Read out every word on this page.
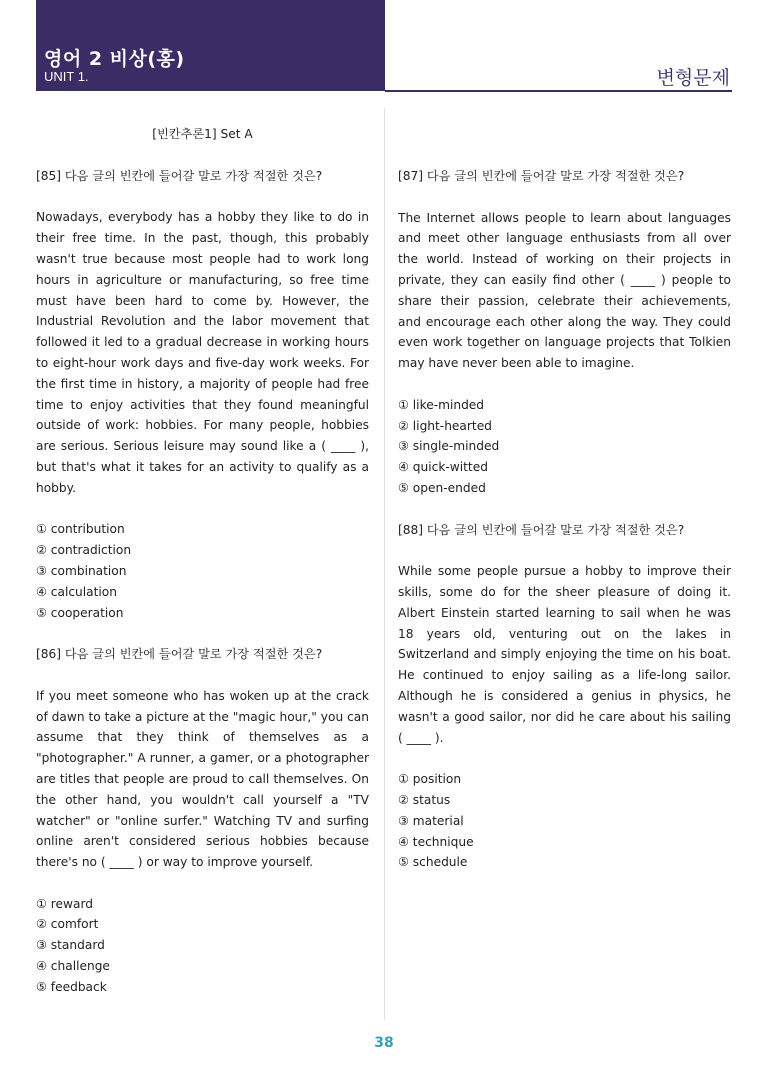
영어 2 비상(홍)
UNIT 1.	변형문제
[빈칸추론1] Set A

[85] 다음 글의 빈칸에 들어갈 말로 가장 적절한 것은?

Nowadays, everybody has a hobby they like to do in their free time. In the past, though, this probably wasn't true because most people had to work long hours in agriculture or manufacturing, so free time must have been hard to come by. However, the Industrial Revolution and the labor movement that followed it led to a gradual decrease in working hours to eight-hour work days and five-day work weeks. For the first time in history, a majority of people had free time to enjoy activities that they found meaningful outside of work: hobbies. For many people, hobbies are serious. Serious leisure may sound like a ( ____ ), but that's what it takes for an activity to qualify as a hobby.

① contribution
② contradiction
③ combination
④ calculation
⑤ cooperation

[86] 다음 글의 빈칸에 들어갈 말로 가장 적절한 것은?

If you meet someone who has woken up at the crack of dawn to take a picture at the "magic hour," you can assume that they think of themselves as a "photographer." A runner, a gamer, or a photographer are titles that people are proud to call themselves. On the other hand, you wouldn't call yourself a "TV watcher" or "online surfer." Watching TV and surfing online aren't considered serious hobbies because there's no ( ____ ) or way to improve yourself.

① reward
② comfort
③ standard
④ challenge
⑤ feedback

[87] 다음 글의 빈칸에 들어갈 말로 가장 적절한 것은?

The Internet allows people to learn about languages and meet other language enthusiasts from all over the world. Instead of working on their projects in private, they can easily find other ( ____ ) people to share their passion, celebrate their achievements, and encourage each other along the way. They could even work together on language projects that Tolkien may have never been able to imagine.

① like-minded
② light-hearted
③ single-minded
④ quick-witted
⑤ open-ended

[88] 다음 글의 빈칸에 들어갈 말로 가장 적절한 것은?

While some people pursue a hobby to improve their skills, some do for the sheer pleasure of doing it. Albert Einstein started learning to sail when he was 18 years old, venturing out on the lakes in Switzerland and simply enjoying the time on his boat. He continued to enjoy sailing as a life-long sailor. Although he is considered a genius in physics, he wasn't a good sailor, nor did he care about his sailing ( ____ ).

① position
② status
③ material
④ technique
⑤ schedule
38
